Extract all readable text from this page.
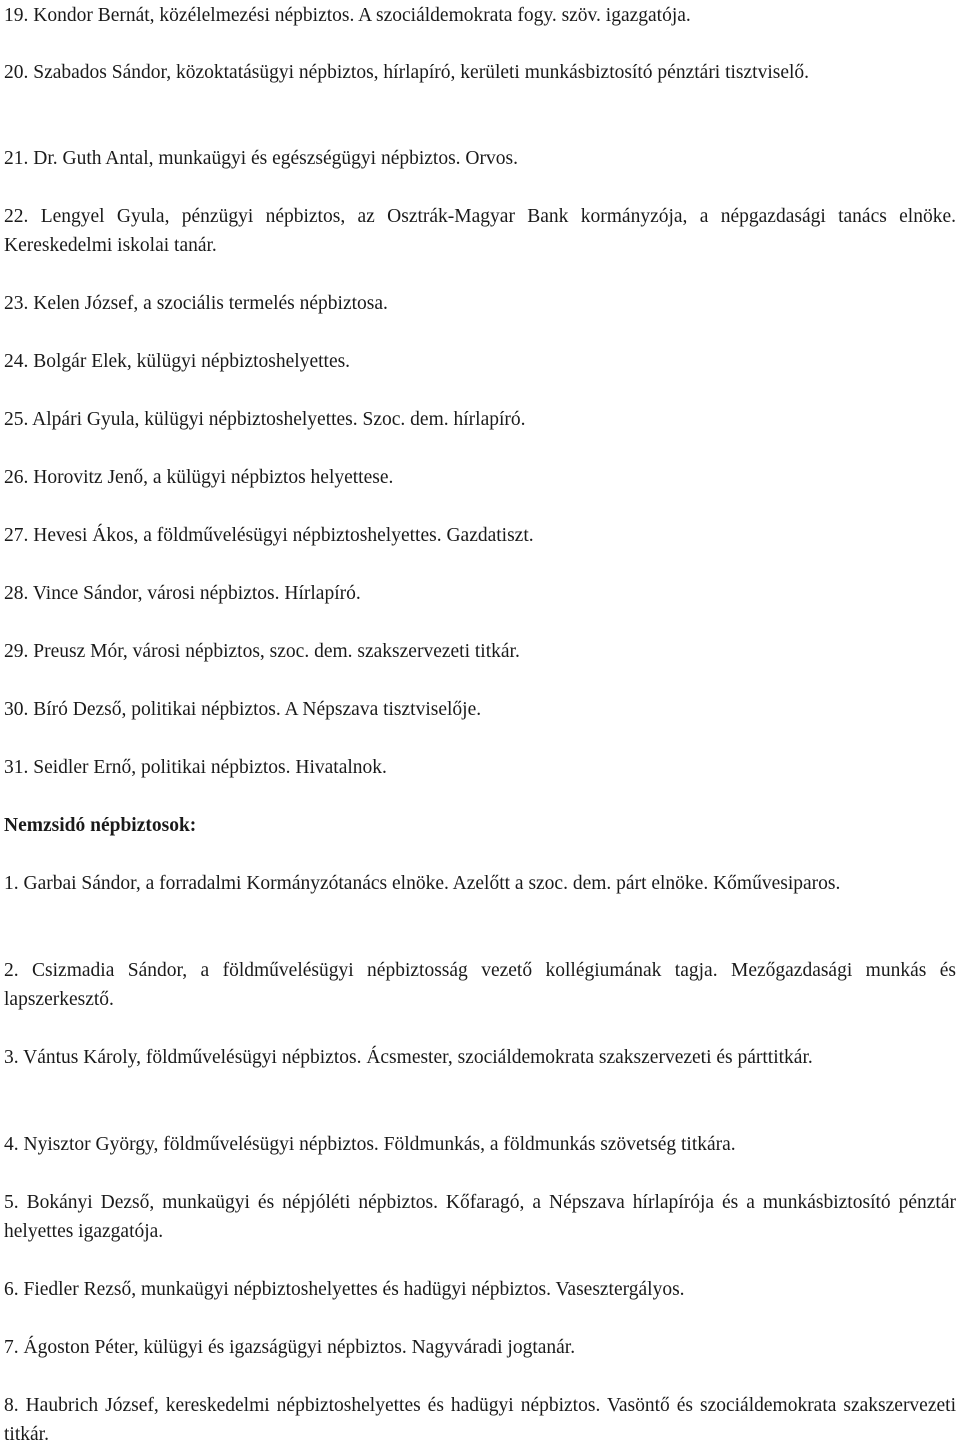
19. Kondor Bernát, közélelmezési népbiztos. A szociáldemokrata fogy. szöv. igazgatója.

20. Szabados Sándor, közoktatásügyi népbiztos, hírlapíró, kerületi munkásbiztosító pénztári tisztviselő.

21. Dr. Guth Antal, munkaügyi és egészségügyi népbiztos. Orvos.

22. Lengyel Gyula, pénzügyi népbiztos, az Osztrák-Magyar Bank kormányzója, a népgazdasági tanács elnöke. Kereskedelmi iskolai tanár.

23. Kelen József, a szociális termelés népbiztosa.

24. Bolgár Elek, külügyi népbiztoshelyettes.

25. Alpári Gyula, külügyi népbiztoshelyettes. Szoc. dem. hírlapíró.

26. Horovitz Jenő, a külügyi népbiztos helyettese.

27. Hevesi Ákos, a földművelésügyi népbiztoshelyettes. Gazdatiszt.

28. Vince Sándor, városi népbiztos. Hírlapíró.

29. Preusz Mór, városi népbiztos, szoc. dem. szakszervezeti titkár.

30. Bíró Dezső, politikai népbiztos. A Népszava tisztviselője.

31. Seidler Ernő, politikai népbiztos. Hivatalnok.

Nemzsidó népbiztosok:

1. Garbai Sándor, a forradalmi Kormányzótanács elnöke. Azelőtt a szoc. dem. párt elnöke. Kőművesiparos.

2. Csizmadia Sándor, a földművelésügyi népbiztosság vezető kollégiumának tagja. Mezőgazdasági munkás és lapszerkesztő.

3. Vántus Károly, földművelésügyi népbiztos. Ácsmester, szociáldemokrata szakszervezeti és párttitkár.

4. Nyisztor György, földművelésügyi népbiztos. Földmunkás, a földmunkás szövetség titkára.

5. Bokányi Dezső, munkaügyi és népjóléti népbiztos. Kőfaragó, a Népszava hírlapírója és a munkásbiztosító pénztár helyettes igazgatója.

6. Fiedler Rezső, munkaügyi népbiztoshelyettes és hadügyi népbiztos. Vasesztergályos.

7. Ágoston Péter, külügyi és igazságügyi népbiztos. Nagyváradi jogtanár.

8. Haubrich József, kereskedelmi népbiztoshelyettes és hadügyi népbiztos. Vasöntő és szociáldemokrata szakszervezeti titkár.
